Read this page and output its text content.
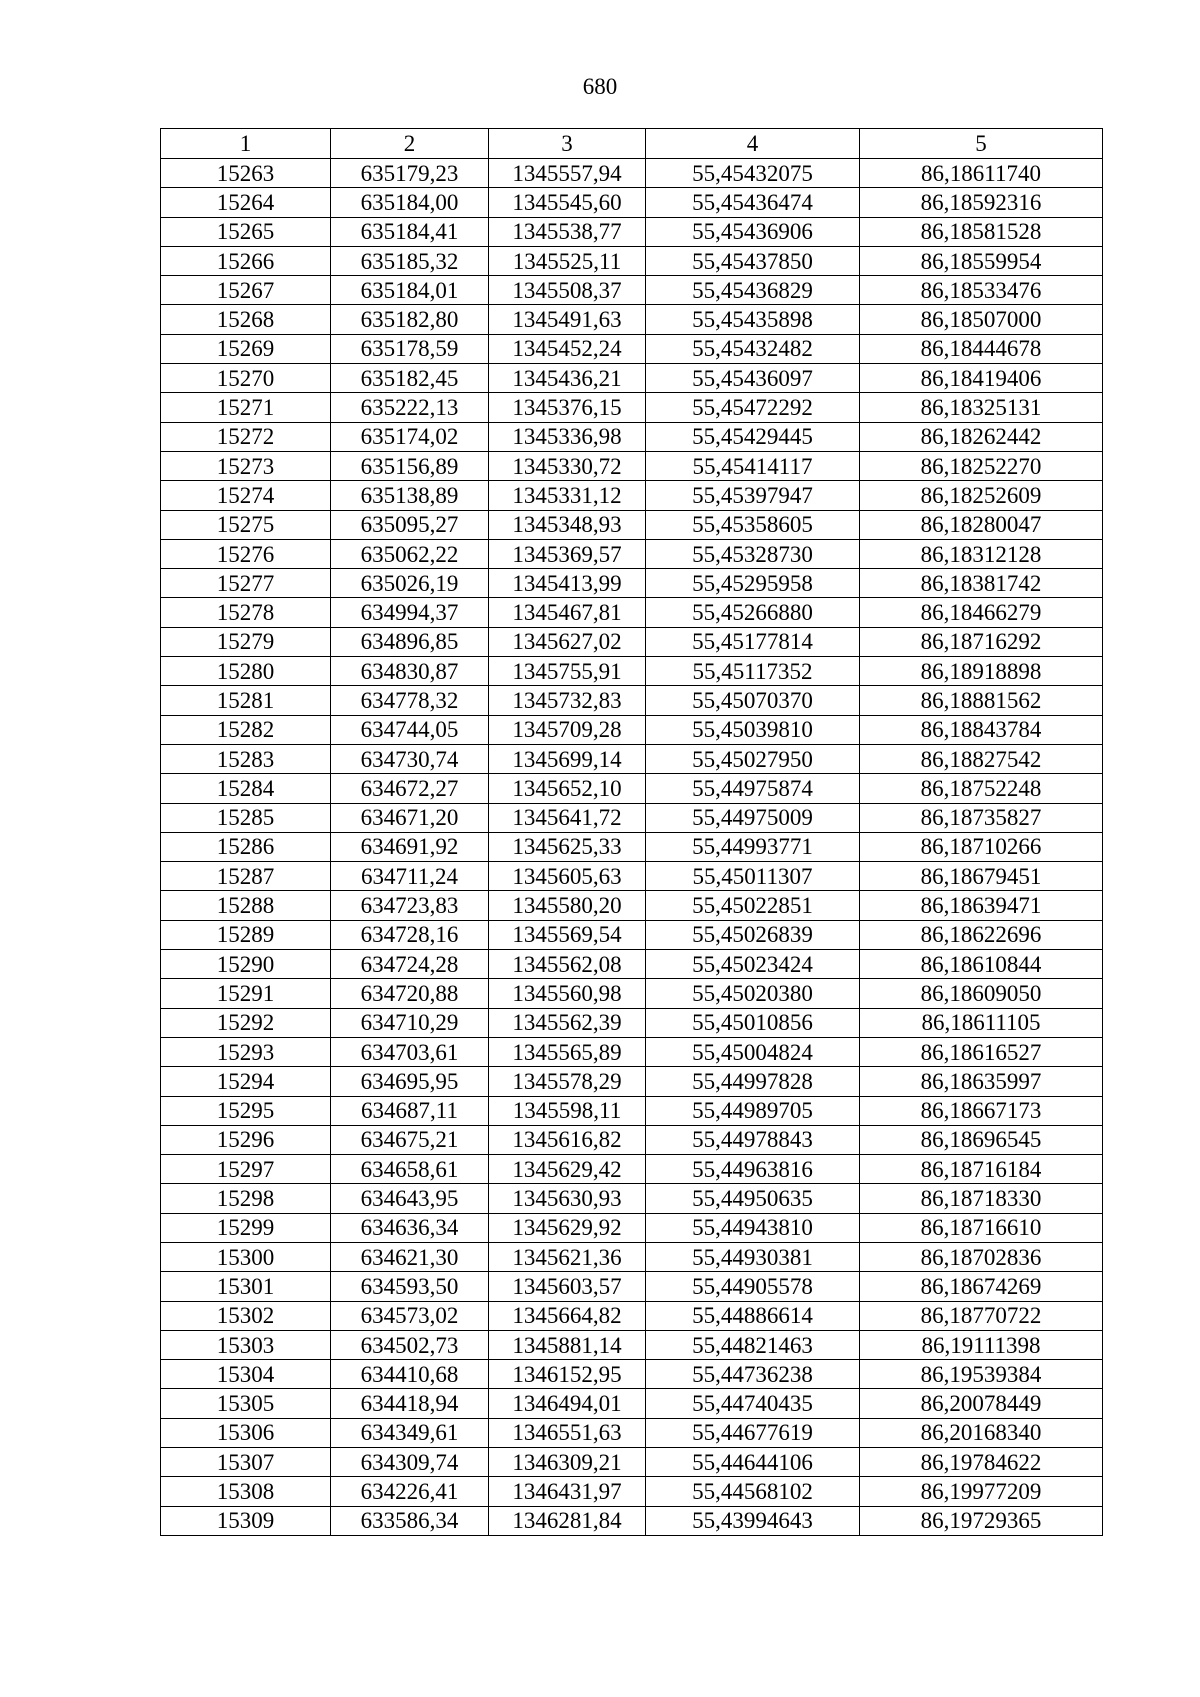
680
1	2	3	4	5
15263	635179,23	1345557,94	55,45432075	86,18611740
15264	635184,00	1345545,60	55,45436474	86,18592316
15265	635184,41	1345538,77	55,45436906	86,18581528
15266	635185,32	1345525,11	55,45437850	86,18559954
15267	635184,01	1345508,37	55,45436829	86,18533476
15268	635182,80	1345491,63	55,45435898	86,18507000
15269	635178,59	1345452,24	55,45432482	86,18444678
15270	635182,45	1345436,21	55,45436097	86,18419406
15271	635222,13	1345376,15	55,45472292	86,18325131
15272	635174,02	1345336,98	55,45429445	86,18262442
15273	635156,89	1345330,72	55,45414117	86,18252270
15274	635138,89	1345331,12	55,45397947	86,18252609
15275	635095,27	1345348,93	55,45358605	86,18280047
15276	635062,22	1345369,57	55,45328730	86,18312128
15277	635026,19	1345413,99	55,45295958	86,18381742
15278	634994,37	1345467,81	55,45266880	86,18466279
15279	634896,85	1345627,02	55,45177814	86,18716292
15280	634830,87	1345755,91	55,45117352	86,18918898
15281	634778,32	1345732,83	55,45070370	86,18881562
15282	634744,05	1345709,28	55,45039810	86,18843784
15283	634730,74	1345699,14	55,45027950	86,18827542
15284	634672,27	1345652,10	55,44975874	86,18752248
15285	634671,20	1345641,72	55,44975009	86,18735827
15286	634691,92	1345625,33	55,44993771	86,18710266
15287	634711,24	1345605,63	55,45011307	86,18679451
15288	634723,83	1345580,20	55,45022851	86,18639471
15289	634728,16	1345569,54	55,45026839	86,18622696
15290	634724,28	1345562,08	55,45023424	86,18610844
15291	634720,88	1345560,98	55,45020380	86,18609050
15292	634710,29	1345562,39	55,45010856	86,18611105
15293	634703,61	1345565,89	55,45004824	86,18616527
15294	634695,95	1345578,29	55,44997828	86,18635997
15295	634687,11	1345598,11	55,44989705	86,18667173
15296	634675,21	1345616,82	55,44978843	86,18696545
15297	634658,61	1345629,42	55,44963816	86,18716184
15298	634643,95	1345630,93	55,44950635	86,18718330
15299	634636,34	1345629,92	55,44943810	86,18716610
15300	634621,30	1345621,36	55,44930381	86,18702836
15301	634593,50	1345603,57	55,44905578	86,18674269
15302	634573,02	1345664,82	55,44886614	86,18770722
15303	634502,73	1345881,14	55,44821463	86,19111398
15304	634410,68	1346152,95	55,44736238	86,19539384
15305	634418,94	1346494,01	55,44740435	86,20078449
15306	634349,61	1346551,63	55,44677619	86,20168340
15307	634309,74	1346309,21	55,44644106	86,19784622
15308	634226,41	1346431,97	55,44568102	86,19977209
15309	633586,34	1346281,84	55,43994643	86,19729365
